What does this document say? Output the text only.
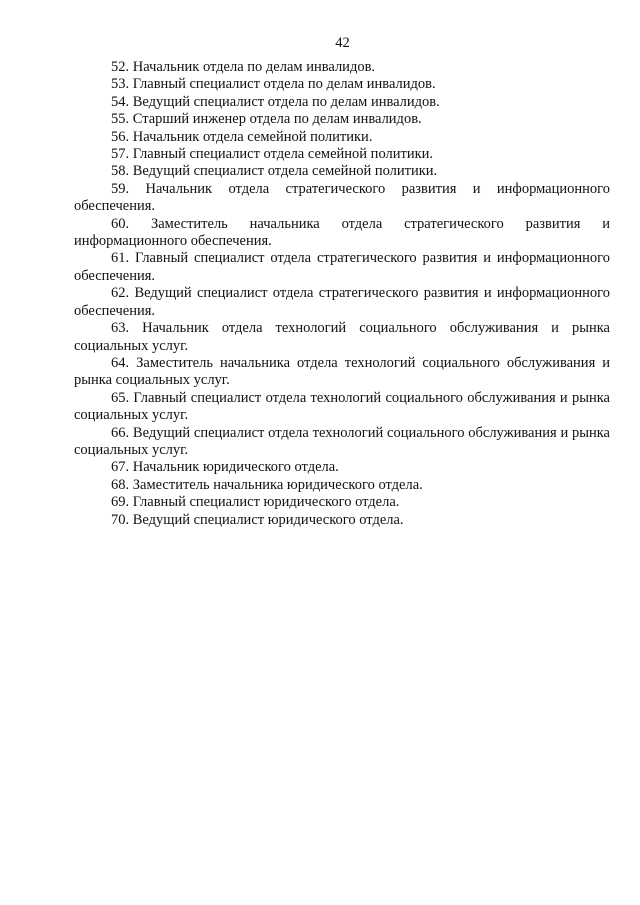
42

52. Начальник отдела по делам инвалидов.

53. Главный специалист отдела по делам инвалидов.

54. Ведущий специалист отдела по делам инвалидов.

55. Старший инженер отдела по делам инвалидов.

56. Начальник отдела семейной политики.

57. Главный специалист отдела семейной политики.

58. Ведущий специалист отдела семейной политики.

59. Начальник отдела стратегического развития и информационного обеспечения.

60. Заместитель начальника отдела стратегического развития и информационного обеспечения.

61. Главный специалист отдела стратегического развития и информационного обеспечения.

62. Ведущий специалист отдела стратегического развития и информационного обеспечения.

63. Начальник отдела технологий социального обслуживания и рынка социальных услуг.

64. Заместитель начальника отдела технологий социального обслуживания и рынка социальных услуг.

65. Главный специалист отдела технологий социального обслуживания и рынка социальных услуг.

66. Ведущий специалист отдела технологий социального обслуживания и рынка социальных услуг.

67. Начальник юридического отдела.

68. Заместитель начальника юридического отдела.

69. Главный специалист юридического отдела.

70. Ведущий специалист юридического отдела.
